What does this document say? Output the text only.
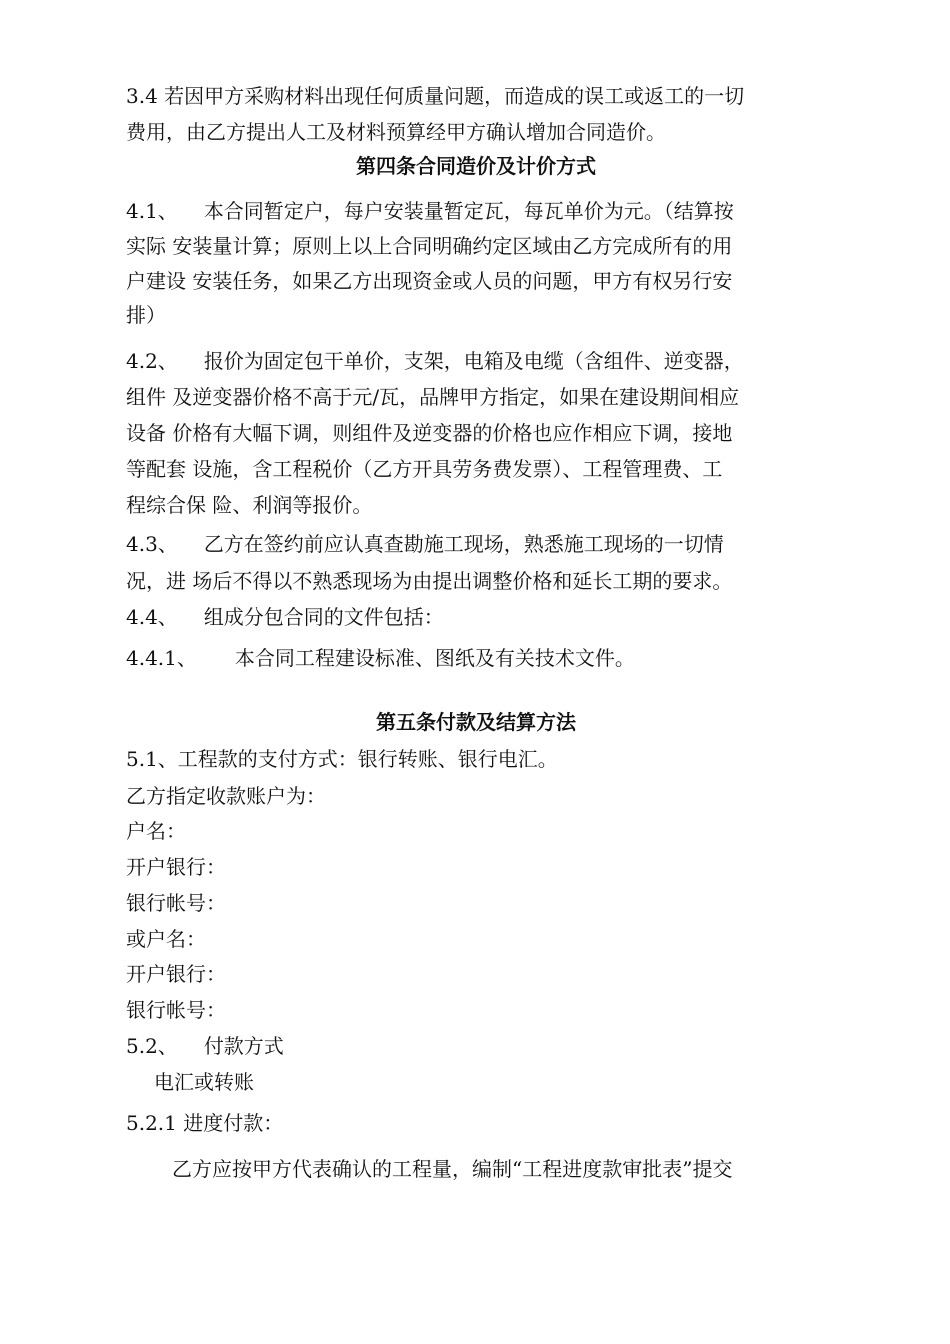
3.4 若因甲方采购材料出现任何质量问题，而造成的误工或返工的一切
费用，由乙方提出人工及材料预算经甲方确认增加合同造价。
第四条合同造价及计价方式
4.1、 本合同暂定户，每户安装量暂定瓦，每瓦单价为元。（结算按
实际 安装量计算；原则上以上合同明确约定区域由乙方完成所有的用
户建设 安装任务，如果乙方出现资金或人员的问题，甲方有权另行安
排）
4.2、 报价为固定包干单价，支架，电箱及电缆（含组件、逆变器，
组件 及逆变器价格不高于元/瓦，品牌甲方指定，如果在建设期间相应
设备 价格有大幅下调，则组件及逆变器的价格也应作相应下调，接地
等配套 设施，含工程税价（乙方开具劳务费发票）、工程管理费、工
程综合保 险、利润等报价。
4.3、 乙方在签约前应认真查勘施工现场，熟悉施工现场的一切情
况，进 场后不得以不熟悉现场为由提出调整价格和延长工期的要求。
4.4、 组成分包合同的文件包括：
4.4.1、 本合同工程建设标准、图纸及有关技术文件。
第五条付款及结算方法
5.1、工程款的支付方式：银行转账、银行电汇。
乙方指定收款账户为：
户名：
开户银行：
银行帐号：
或户名：
开户银行：
银行帐号：
5.2、 付款方式
电汇或转账
5.2.1 进度付款：
乙方应按甲方代表确认的工程量，编制“工程进度款审批表”提交
